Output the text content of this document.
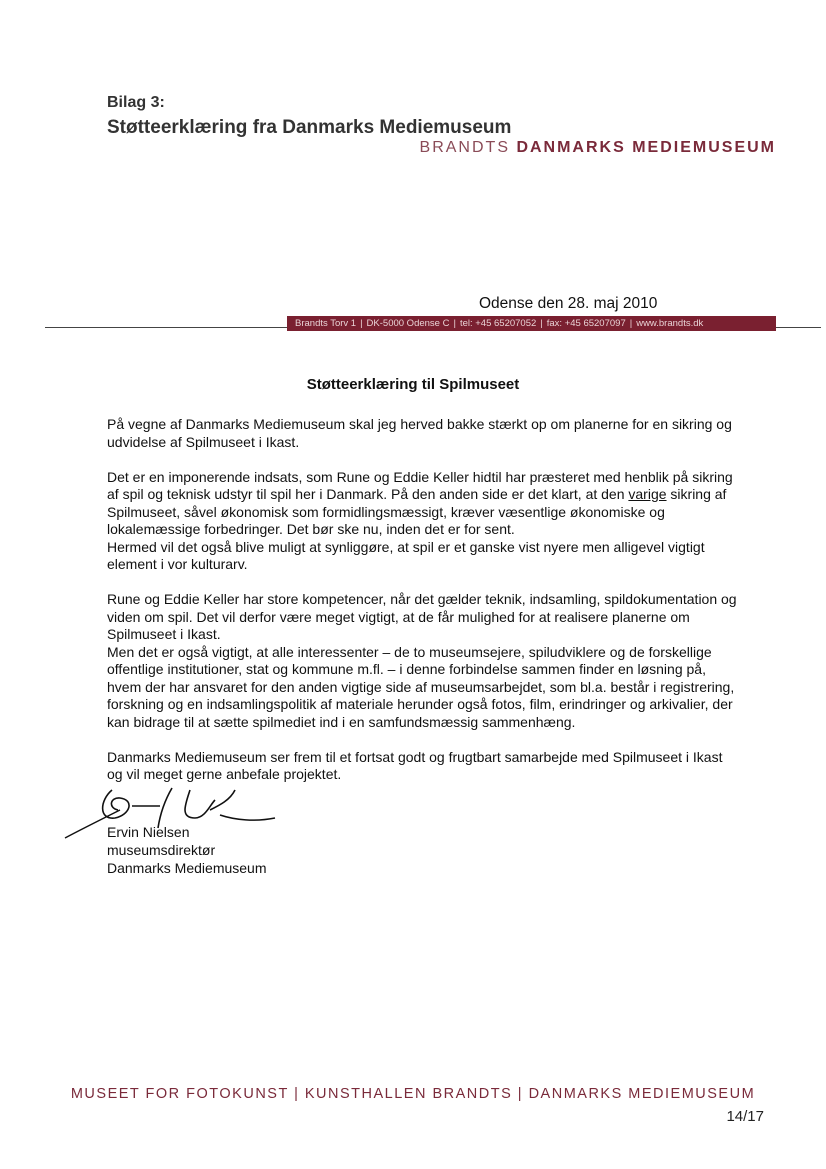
Bilag 3:
Støtteerklæring fra Danmarks Mediemuseum
BRANDTS DANMARKS MEDIEMUSEUM
Odense den 28. maj 2010
Brandts Torv 1 | DK-5000 Odense C | tel: +45 65207052 | fax: +45 65207097 | www.brandts.dk
Støtteerklæring til Spilmuseet

På vegne af Danmarks Mediemuseum skal jeg herved bakke stærkt op om planerne for en sikring og udvidelse af Spilmuseet i Ikast.

Det er en imponerende indsats, som Rune og Eddie Keller hidtil har præsteret med henblik på sikring af spil og teknisk udstyr til spil her i Danmark. På den anden side er det klart, at den varige sikring af Spilmuseet, såvel økonomisk som formidlingsmæssigt, kræver væsentlige økonomiske og lokalemæssige forbedringer. Det bør ske nu, inden det er for sent.

Hermed vil det også blive muligt at synliggøre, at spil er et ganske vist nyere men alligevel vigtigt element i vor kulturarv.

Rune og Eddie Keller har store kompetencer, når det gælder teknik, indsamling, spildokumentation og viden om spil. Det vil derfor være meget vigtigt, at de får mulighed for at realisere planerne om Spilmuseet i Ikast.

Men det er også vigtigt, at alle interessenter – de to museumsejere, spiludviklere og de forskellige offentlige institutioner, stat og kommune m.fl. – i denne forbindelse sammen finder en løsning på, hvem der har ansvaret for den anden vigtige side af museumsarbejdet, som bl.a. består i registrering, forskning og en indsamlingspolitik af materiale herunder også fotos, film, erindringer og arkivalier, der kan bidrage til at sætte spilmediet ind i en samfundsmæssig sammenhæng.

Danmarks Mediemuseum ser frem til et fortsat godt og frugtbart samarbejde med Spilmuseet i Ikast og vil meget gerne anbefale projektet.

Ervin Nielsen
museumsdirektør
Danmarks Mediemuseum
MUSEET FOR FOTOKUNST | KUNSTHALLEN BRANDTS | DANMARKS MEDIEMUSEUM
14/17
